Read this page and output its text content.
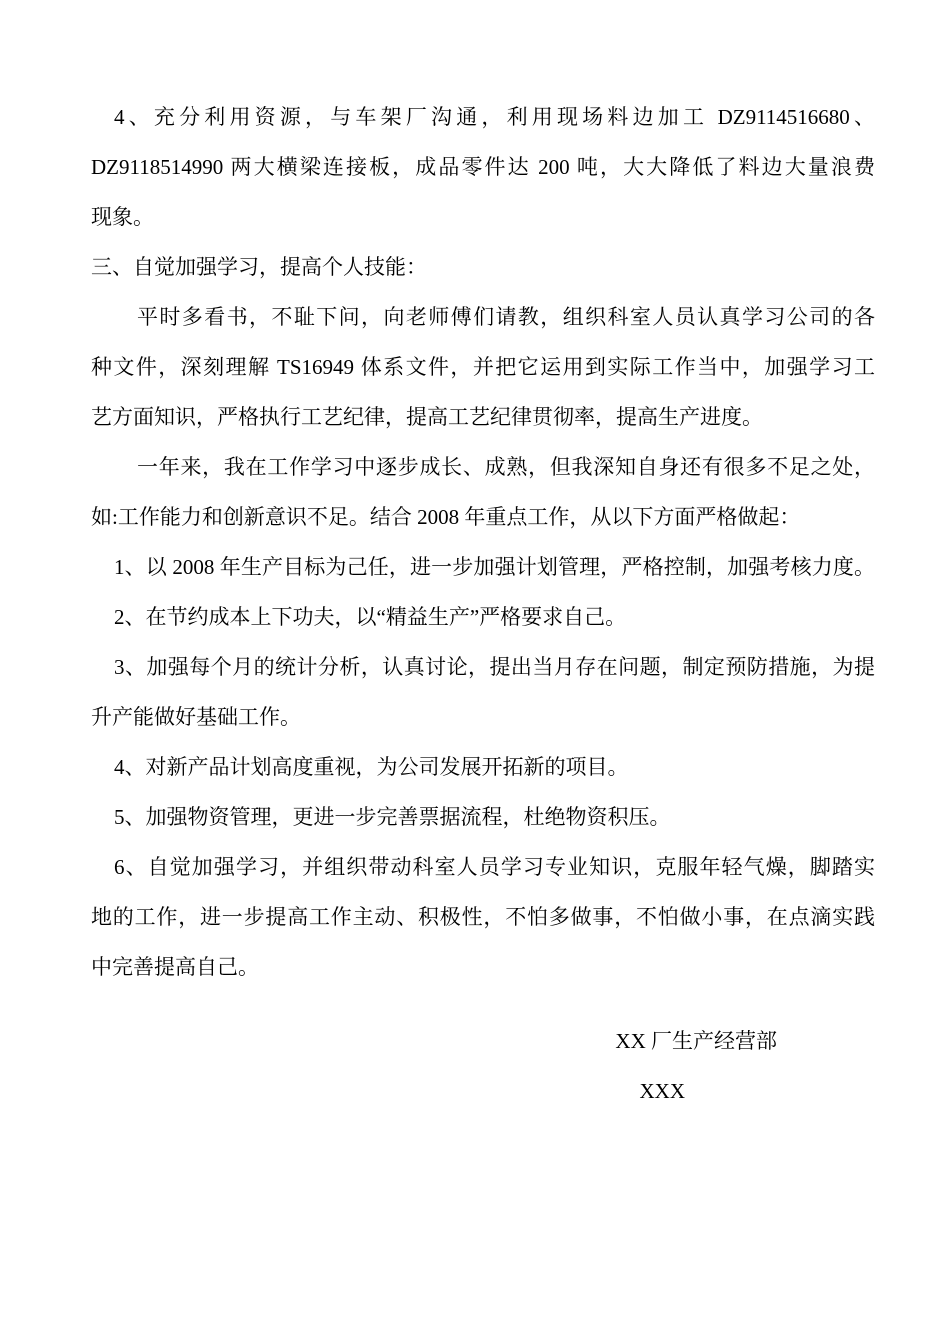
4、充分利用资源，与车架厂沟通，利用现场料边加工 DZ9114516680、
DZ9118514990 两大横梁连接板，成品零件达 200 吨，大大降低了料边大量浪费
现象。
三、自觉加强学习，提高个人技能：
平时多看书，不耻下问，向老师傅们请教，组织科室人员认真学习公司的各
种文件，深刻理解 TS16949 体系文件，并把它运用到实际工作当中，加强学习工
艺方面知识，严格执行工艺纪律，提高工艺纪律贯彻率，提高生产进度。
一年来，我在工作学习中逐步成长、成熟，但我深知自身还有很多不足之处，
如:工作能力和创新意识不足。结合 2008 年重点工作，从以下方面严格做起：
1、以 2008 年生产目标为己任，进一步加强计划管理，严格控制，加强考核力度。
2、在节约成本上下功夫，以“精益生产”严格要求自己。
3、加强每个月的统计分析，认真讨论，提出当月存在问题，制定预防措施，为提
升产能做好基础工作。
4、对新产品计划高度重视，为公司发展开拓新的项目。
5、加强物资管理，更进一步完善票据流程，杜绝物资积压。
6、自觉加强学习，并组织带动科室人员学习专业知识，克服年轻气燥，脚踏实
地的工作，进一步提高工作主动、积极性，不怕多做事，不怕做小事，在点滴实践
中完善提高自己。
XX 厂生产经营部
XXX
